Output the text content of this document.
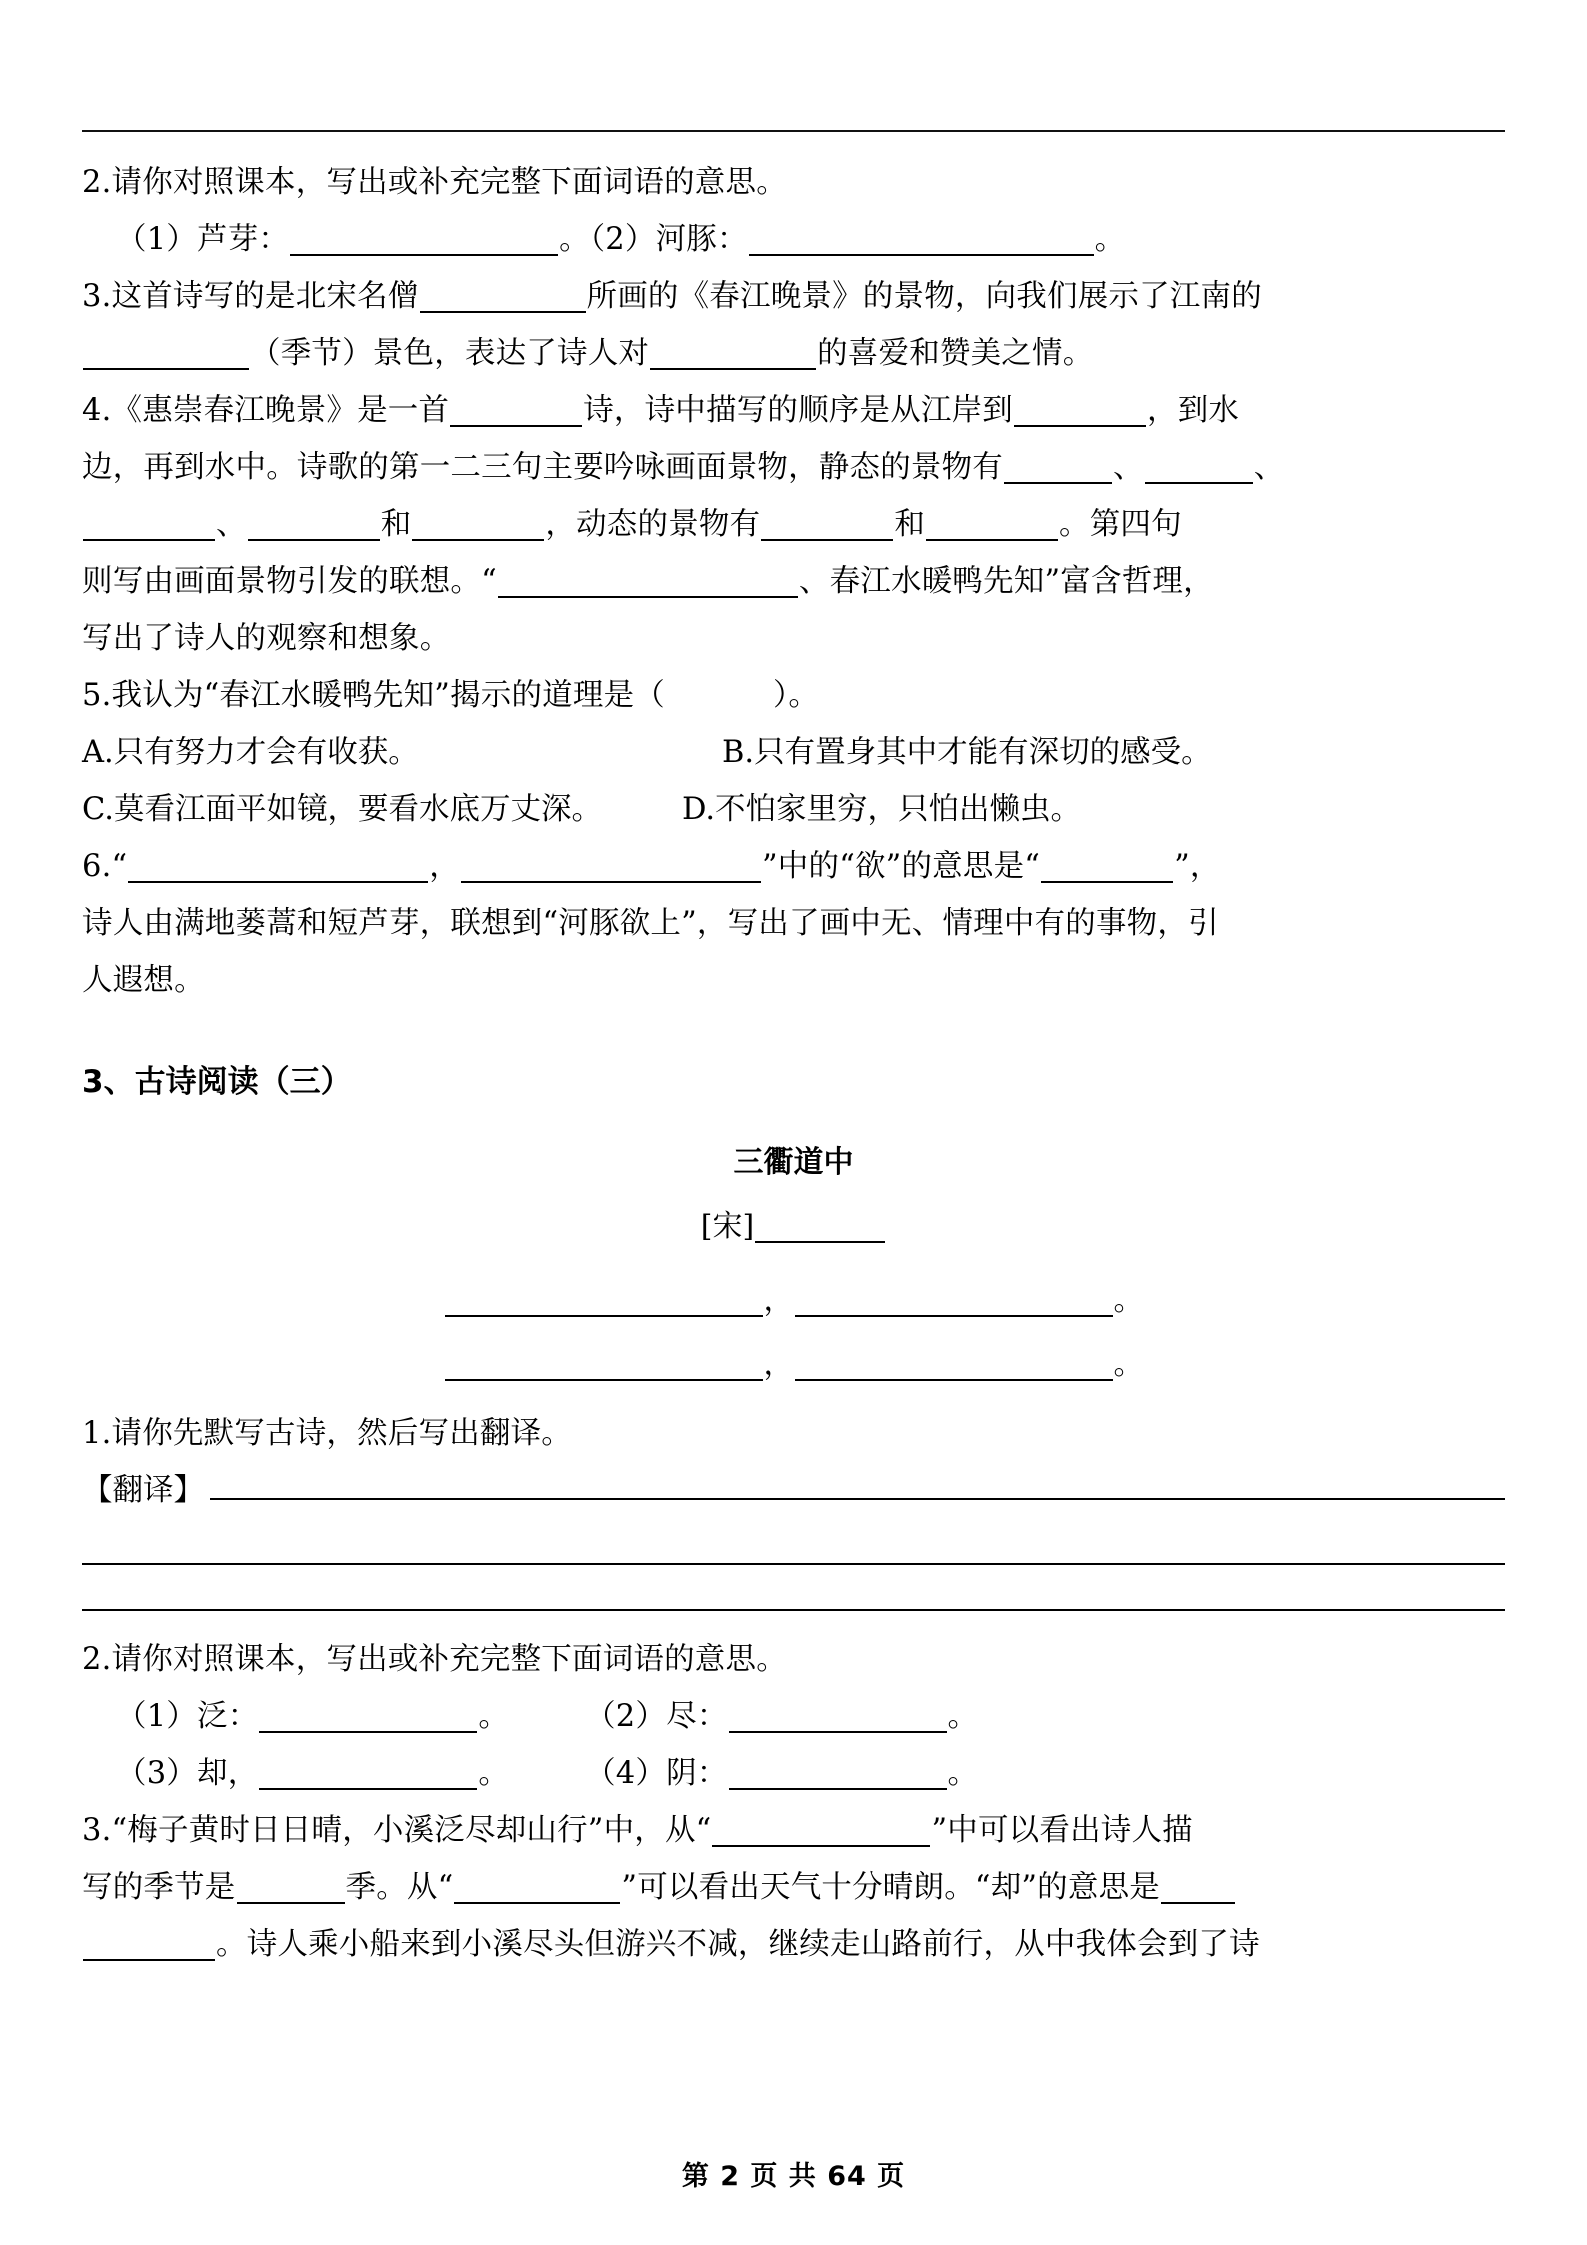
2.请你对照课本，写出或补充完整下面词语的意思。
（1）芦芽：	。（2）河豚：	。
3.这首诗写的是北宋名僧	所画的《春江晚景》的景物，向我们展示了江南的
（季节）景色，表达了诗人对	的喜爱和赞美之情。
4.《惠崇春江晚景》是一首	诗，诗中描写的顺序是从江岸到	，到水
边，再到水中。诗歌的第一二三句主要吟咏画面景物，静态的景物有	、	、
、	和	，动态的景物有	和	。第四句
则写由画面景物引发的联想。“	、春江水暖鸭先知”富含哲理，
写出了诗人的观察和想象。
5.我认为“春江水暖鸭先知”揭示的道理是（	）。
A.只有努力才会有收获。	B.只有置身其中才能有深切的感受。
C.莫看江面平如镜，要看水底万丈深。	D.不怕家里穷，只怕出懒虫。
6.“	，	”中的“欲”的意思是“	”，
诗人由满地蒌蒿和短芦芽，联想到“河豚欲上”，写出了画中无、情理中有的事物，引
人遐想。
3、古诗阅读（三）
三衢道中
[宋]
，	。
，	。
1.请你先默写古诗，然后写出翻译。
【翻译】
2.请你对照课本，写出或补充完整下面词语的意思。
（1）泛：	。 （2）尽：	。
（3）却，	。 （4）阴：	。
3.“梅子黄时日日晴，小溪泛尽却山行”中，从“	”中可以看出诗人描
写的季节是	季。从“	”可以看出天气十分晴朗。“却”的意思是
。诗人乘小船来到小溪尽头但游兴不减，继续走山路前行，从中我体会到了诗
第 2 页 共 64 页
